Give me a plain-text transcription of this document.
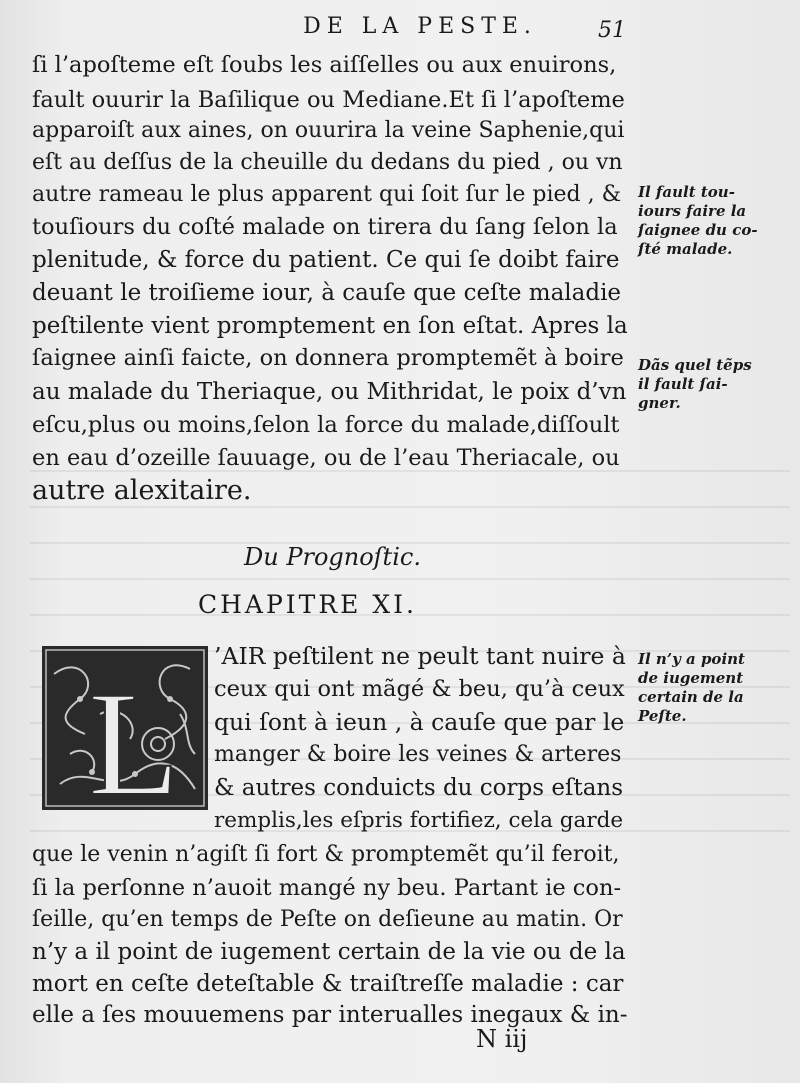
DE LA PESTE.	51
ſi l’apoſteme eſt ſoubs les aiſſelles ou aux enuirons,
fault ouurir la Baſilique ou Mediane.Et ſi l’apoſteme
apparoiſt aux aines, on ouurira la veine Saphenie,qui
eſt au deſſus de la cheuille du dedans du pied , ou vn
autre rameau le plus apparent qui ſoit ſur le pied , &
touſiours du coſté malade on tirera du ſang ſelon la
plenitude, & force du patient. Ce qui ſe doibt faire
deuant le troiſieme iour, à cauſe que ceſte maladie
peſtilente vient promptement en ſon eſtat. Apres la
ſaignee ainſi faicte, on donnera promptemẽt à boire
au malade du Theriaque, ou Mithridat, le poix d’vn
eſcu,plus ou moins,ſelon la force du malade,diſſoult
en eau d’ozeille ſauuage, ou de l’eau Theriacale, ou
autre alexitaire.
Il fault tou-
iours faire la
ſaignee du co-
ſté malade.
Dãs quel tẽps
il fault ſai-
gner.
Il n’y a point
de iugement
certain de la
Peſte.
Du Prognoſtic.
CHAPITRE XI.
L
’AIR peſtilent ne peult tant nuire à
ceux qui ont mãgé & beu, qu’à ceux
qui ſont à ieun , à cauſe que par le
manger & boire les veines & arteres
& autres conduicts du corps eſtans
remplis,les eſpris fortifiez, cela garde
que le venin n’agiſt ſi fort & promptemẽt qu’il feroit,
ſi la perſonne n’auoit mangé ny beu. Partant ie con-
ſeille, qu’en temps de Peſte on deſieune au matin. Or
n’y a il point de iugement certain de la vie ou de la
mort en ceſte deteſtable & traiſtreſſe maladie : car
elle a ſes mouuemens par interualles inegaux & in-
N iij
